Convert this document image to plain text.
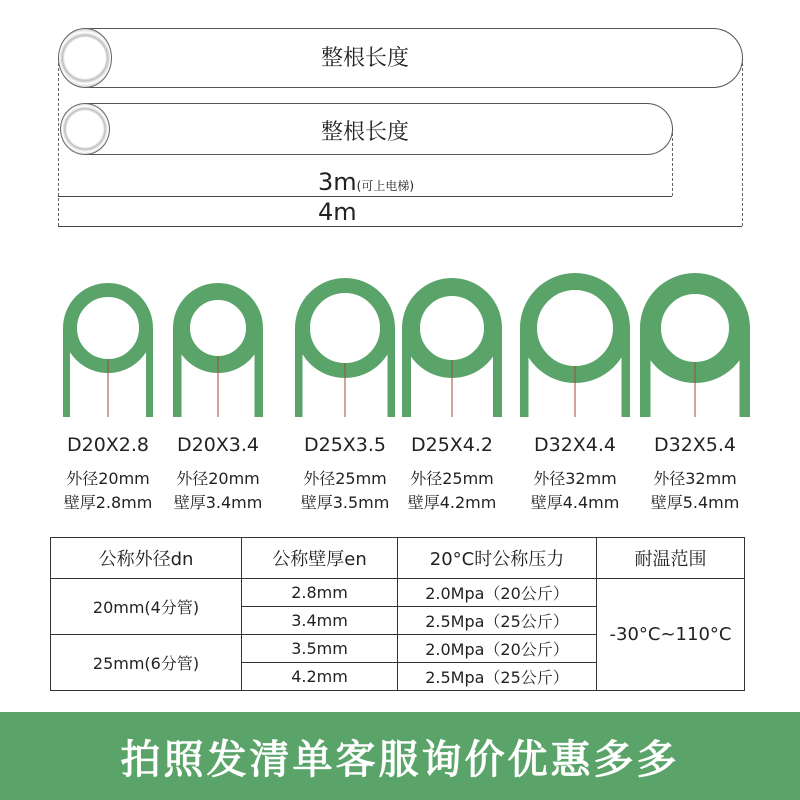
整根长度
整根长度
3m(可上电梯)
4m
D20X2.8
外径20mm
壁厚2.8mm
D20X3.4
外径20mm
壁厚3.4mm
D25X3.5
外径25mm
壁厚3.5mm
D25X4.2
外径25mm
壁厚4.2mm
D32X4.4
外径32mm
壁厚4.4mm
D32X5.4
外径32mm
壁厚5.4mm
公称外径dn	公称壁厚en	20°C时公称压力	耐温范围
20mm(4分管)	2.8mm	2.0Mpa（20公斤）	-30°C~110°C
	3.4mm	2.5Mpa（25公斤）	
25mm(6分管)	3.5mm	2.0Mpa（20公斤）	
	4.2mm	2.5Mpa（25公斤）	
拍照发清单客服询价优惠多多
